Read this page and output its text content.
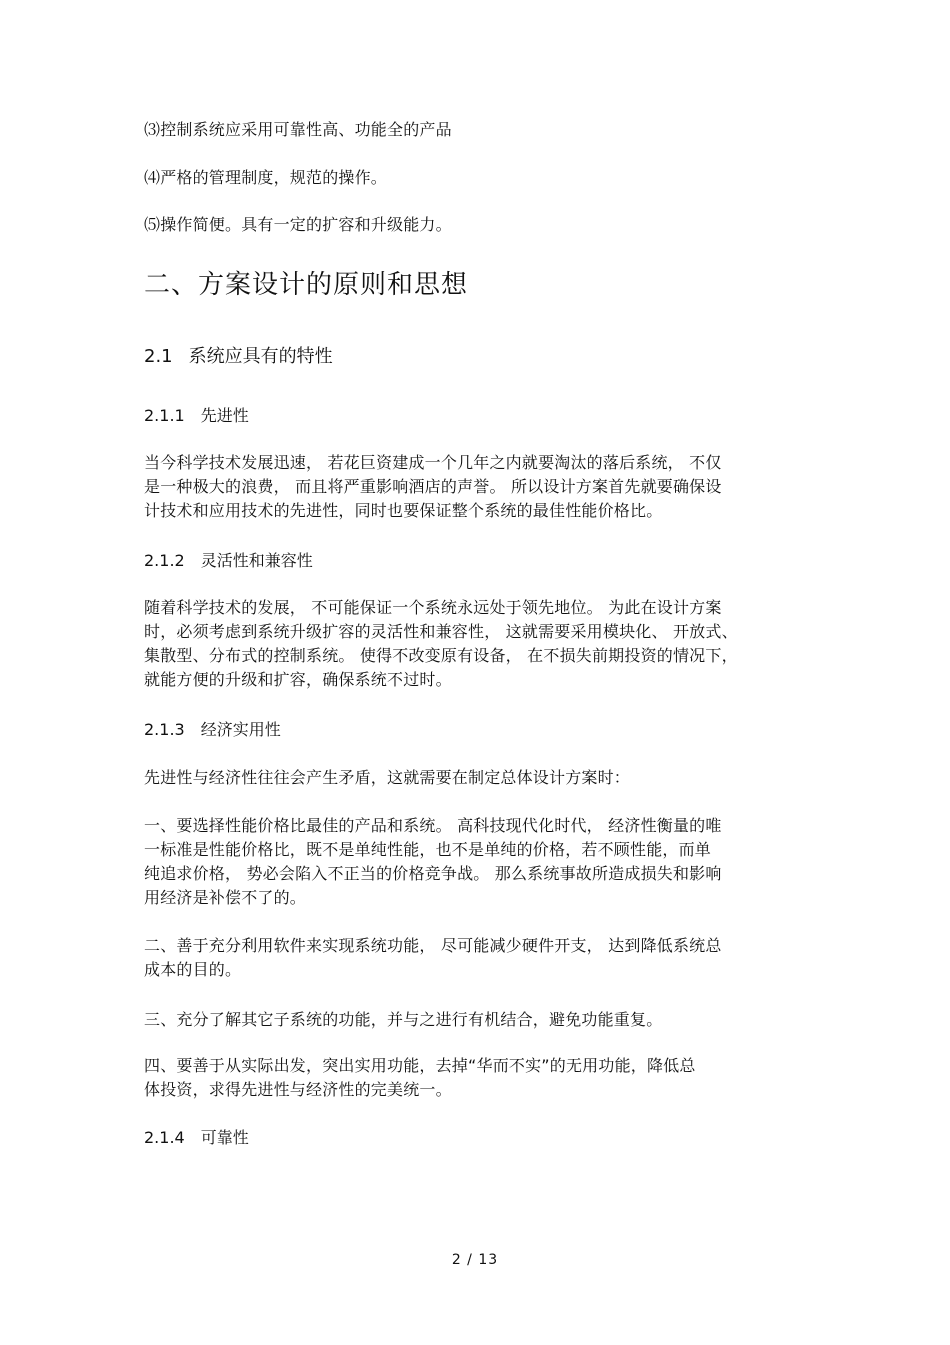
⑶控制系统应采用可靠性高、功能全的产品
⑷严格的管理制度，规范的操作。
⑸操作简便。具有一定的扩容和升级能力。
二、方案设计的原则和思想
2.1 系统应具有的特性
2.1.1 先进性
当今科学技术发展迅速， 若花巨资建成一个几年之内就要淘汰的落后系统， 不仅
是一种极大的浪费， 而且将严重影响酒店的声誉。 所以设计方案首先就要确保设
计技术和应用技术的先进性，同时也要保证整个系统的最佳性能价格比。
2.1.2 灵活性和兼容性
随着科学技术的发展， 不可能保证一个系统永远处于领先地位。 为此在设计方案
时，必须考虑到系统升级扩容的灵活性和兼容性， 这就需要采用模块化、 开放式、
集散型、分布式的控制系统。 使得不改变原有设备， 在不损失前期投资的情况下，
就能方便的升级和扩容，确保系统不过时。
2.1.3 经济实用性
先进性与经济性往往会产生矛盾，这就需要在制定总体设计方案时：
一、要选择性能价格比最佳的产品和系统。 高科技现代化时代， 经济性衡量的唯
一标准是性能价格比，既不是单纯性能，也不是单纯的价格，若不顾性能，而单
纯追求价格， 势必会陷入不正当的价格竞争战。 那么系统事故所造成损失和影响
用经济是补偿不了的。
二、善于充分利用软件来实现系统功能， 尽可能减少硬件开支， 达到降低系统总
成本的目的。
三、充分了解其它子系统的功能，并与之进行有机结合，避免功能重复。
四、要善于从实际出发，突出实用功能，去掉“华而不实”的无用功能，降低总
体投资，求得先进性与经济性的完美统一。
2.1.4 可靠性
2 / 13
